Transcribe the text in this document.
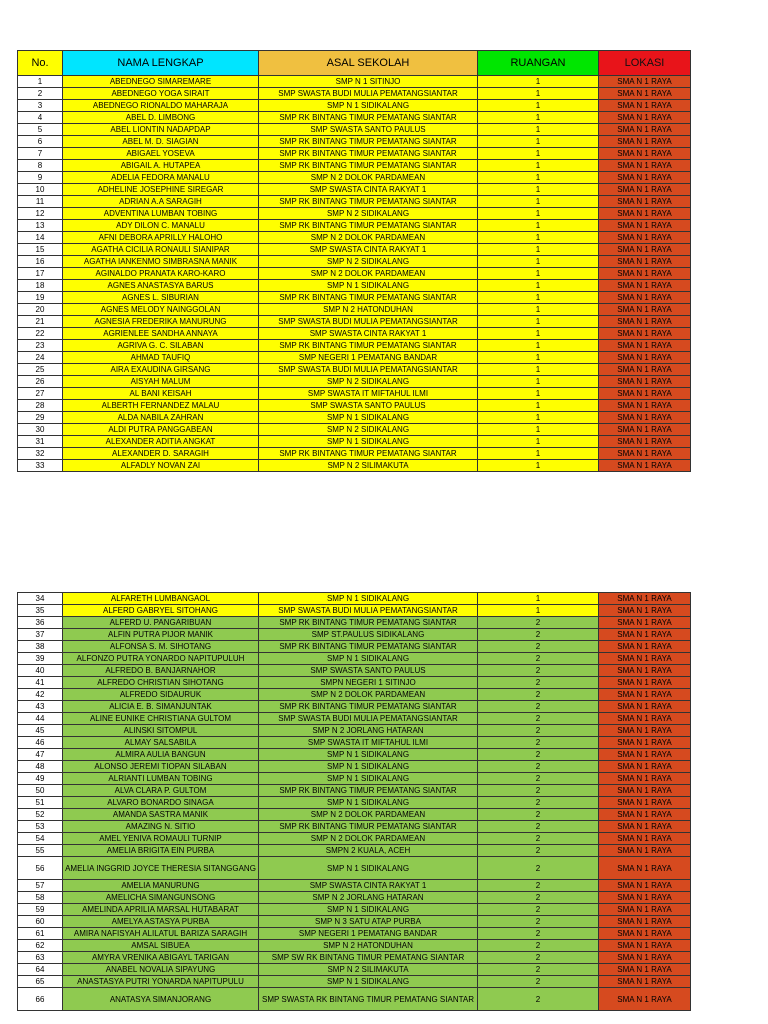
No.	NAMA LENGKAP	ASAL SEKOLAH	RUANGAN	LOKASI
1	ABEDNEGO SIMAREMARE	SMP N 1 SITINJO	1	SMA N 1 RAYA
2	ABEDNEGO YOGA SIRAIT	SMP SWASTA BUDI MULIA PEMATANGSIANTAR	1	SMA N 1 RAYA
3	ABEDNEGO RIONALDO MAHARAJA	SMP N 1 SIDIKALANG	1	SMA N 1 RAYA
4	ABEL D. LIMBONG	SMP RK BINTANG TIMUR PEMATANG SIANTAR	1	SMA N 1 RAYA
5	ABEL LIONTIN NADAPDAP	SMP SWASTA SANTO PAULUS	1	SMA N 1 RAYA
6	ABEL M. D. SIAGIAN	SMP RK BINTANG TIMUR PEMATANG SIANTAR	1	SMA N 1 RAYA
7	ABIGAEL YOSEVA	SMP RK BINTANG TIMUR PEMATANG SIANTAR	1	SMA N 1 RAYA
8	ABIGAIL A. HUTAPEA	SMP RK BINTANG TIMUR PEMATANG SIANTAR	1	SMA N 1 RAYA
9	ADELIA FEDORA MANALU	SMP N 2 DOLOK PARDAMEAN	1	SMA N 1 RAYA
10	ADHELINE JOSEPHINE SIREGAR	SMP SWASTA CINTA RAKYAT 1	1	SMA N 1 RAYA
11	ADRIAN A.A SARAGIH	SMP RK BINTANG TIMUR PEMATANG SIANTAR	1	SMA N 1 RAYA
12	ADVENTINA LUMBAN TOBING	SMP N 2 SIDIKALANG	1	SMA N 1 RAYA
13	ADY DILON C. MANALU	SMP RK BINTANG TIMUR PEMATANG SIANTAR	1	SMA N 1 RAYA
14	AFNI DEBORA APRILLY HALOHO	SMP N 2 DOLOK PARDAMEAN	1	SMA N 1 RAYA
15	AGATHA CICILIA RONAULI SIANIPAR	SMP SWASTA CINTA RAKYAT 1	1	SMA N 1 RAYA
16	AGATHA IANKENMO SIMBRASNA MANIK	SMP N 2 SIDIKALANG	1	SMA N 1 RAYA
17	AGINALDO PRANATA KARO-KARO	SMP N 2 DOLOK PARDAMEAN	1	SMA N 1 RAYA
18	AGNES ANASTASYA BARUS	SMP N 1 SIDIKALANG	1	SMA N 1 RAYA
19	AGNES L. SIBURIAN	SMP RK BINTANG TIMUR PEMATANG SIANTAR	1	SMA N 1 RAYA
20	AGNES MELODY NAINGGOLAN	SMP N 2 HATONDUHAN	1	SMA N 1 RAYA
21	AGNESIA FREDERIKA MANURUNG	SMP SWASTA BUDI MULIA PEMATANGSIANTAR	1	SMA N 1 RAYA
22	AGRIENLEE SANDHA ANNAYA	SMP SWASTA CINTA RAKYAT 1	1	SMA N 1 RAYA
23	AGRIVA G. C. SILABAN	SMP RK BINTANG TIMUR PEMATANG SIANTAR	1	SMA N 1 RAYA
24	AHMAD TAUFIQ	SMP NEGERI 1 PEMATANG BANDAR	1	SMA N 1 RAYA
25	AIRA EXAUDINA GIRSANG	SMP SWASTA BUDI MULIA PEMATANGSIANTAR	1	SMA N 1 RAYA
26	AISYAH MALUM	SMP N 2 SIDIKALANG	1	SMA N 1 RAYA
27	AL BANI KEISAH	SMP SWASTA IT MIFTAHUL ILMI	1	SMA N 1 RAYA
28	ALBERTH FERNANDEZ MALAU	SMP SWASTA SANTO PAULUS	1	SMA N 1 RAYA
29	ALDA NABILA ZAHRAN	SMP N 1 SIDIKALANG	1	SMA N 1 RAYA
30	ALDI PUTRA PANGGABEAN	SMP N 2 SIDIKALANG	1	SMA N 1 RAYA
31	ALEXANDER ADITIA ANGKAT	SMP N 1 SIDIKALANG	1	SMA N 1 RAYA
32	ALEXANDER D. SARAGIH	SMP RK BINTANG TIMUR PEMATANG SIANTAR	1	SMA N 1 RAYA
33	ALFADLY NOVAN ZAI	SMP N 2 SILIMAKUTA	1	SMA N 1 RAYA
34	ALFARETH LUMBANGAOL	SMP N 1 SIDIKALANG	1	SMA N 1 RAYA
35	ALFERD GABRYEL SITOHANG	SMP SWASTA BUDI MULIA PEMATANGSIANTAR	1	SMA N 1 RAYA
36	ALFERD U. PANGARIBUAN	SMP RK BINTANG TIMUR PEMATANG SIANTAR	2	SMA N 1 RAYA
37	ALFIN PUTRA PIJOR MANIK	SMP ST.PAULUS SIDIKALANG	2	SMA N 1 RAYA
38	ALFONSA S. M. SIHOTANG	SMP RK BINTANG TIMUR PEMATANG SIANTAR	2	SMA N 1 RAYA
39	ALFONZO PUTRA YONARDO NAPITUPULUH	SMP N 1 SIDIKALANG	2	SMA N 1 RAYA
40	ALFREDO B. BANJARNAHOR	SMP SWASTA SANTO PAULUS	2	SMA N 1 RAYA
41	ALFREDO CHRISTIAN SIHOTANG	SMPN NEGERI 1 SITINJO	2	SMA N 1 RAYA
42	ALFREDO SIDAURUK	SMP N 2 DOLOK PARDAMEAN	2	SMA N 1 RAYA
43	ALICIA E. B. SIMANJUNTAK	SMP RK BINTANG TIMUR PEMATANG SIANTAR	2	SMA N 1 RAYA
44	ALINE EUNIKE CHRISTIANA GULTOM	SMP SWASTA BUDI MULIA PEMATANGSIANTAR	2	SMA N 1 RAYA
45	ALINSKI SITOMPUL	SMP N 2 JORLANG HATARAN	2	SMA N 1 RAYA
46	ALMAY SALSABILA	SMP SWASTA IT MIFTAHUL ILMI	2	SMA N 1 RAYA
47	ALMIRA AULIA BANGUN	SMP N 1 SIDIKALANG	2	SMA N 1 RAYA
48	ALONSO JEREMI TIOPAN SILABAN	SMP N 1 SIDIKALANG	2	SMA N 1 RAYA
49	ALRIANTI LUMBAN TOBING	SMP N 1 SIDIKALANG	2	SMA N 1 RAYA
50	ALVA CLARA P. GULTOM	SMP RK BINTANG TIMUR PEMATANG SIANTAR	2	SMA N 1 RAYA
51	ALVARO BONARDO SINAGA	SMP N 1 SIDIKALANG	2	SMA N 1 RAYA
52	AMANDA SASTRA MANIK	SMP N 2 DOLOK PARDAMEAN	2	SMA N 1 RAYA
53	AMAZING N. SITIO	SMP RK BINTANG TIMUR PEMATANG SIANTAR	2	SMA N 1 RAYA
54	AMEL YENIVA ROMAULI TURNIP	SMP N 2 DOLOK PARDAMEAN	2	SMA N 1 RAYA
55	AMELIA BRIGITA EIN PURBA	SMPN 2 KUALA, ACEH	2	SMA N 1 RAYA
56	AMELIA INGGRID JOYCE THERESIA SITANGGANG	SMP N 1 SIDIKALANG	2	SMA N 1 RAYA
57	AMELIA MANURUNG	SMP SWASTA CINTA RAKYAT 1	2	SMA N 1 RAYA
58	AMELICHA SIMANGUNSONG	SMP N 2 JORLANG HATARAN	2	SMA N 1 RAYA
59	AMELINDA APRILIA MARSAL HUTABARAT	SMP N 1 SIDIKALANG	2	SMA N 1 RAYA
60	AMELYA ASTASYA PURBA	SMP N 3 SATU ATAP PURBA	2	SMA N 1 RAYA
61	AMIRA NAFISYAH ALILATUL BARIZA SARAGIH	SMP NEGERI 1 PEMATANG BANDAR	2	SMA N 1 RAYA
62	AMSAL SIBUEA	SMP N 2 HATONDUHAN	2	SMA N 1 RAYA
63	AMYRA VRENIKA ABIGAYL TARIGAN	SMP SW RK BINTANG TIMUR PEMATANG SIANTAR	2	SMA N 1 RAYA
64	ANABEL NOVALIA SIPAYUNG	SMP N 2 SILIMAKUTA	2	SMA N 1 RAYA
65	ANASTASYA PUTRI YONARDA NAPITUPULU	SMP N 1 SIDIKALANG	2	SMA N 1 RAYA
66	ANATASYA SIMANJORANG	SMP SWASTA RK BINTANG TIMUR PEMATANG SIANTAR	2	SMA N 1 RAYA
